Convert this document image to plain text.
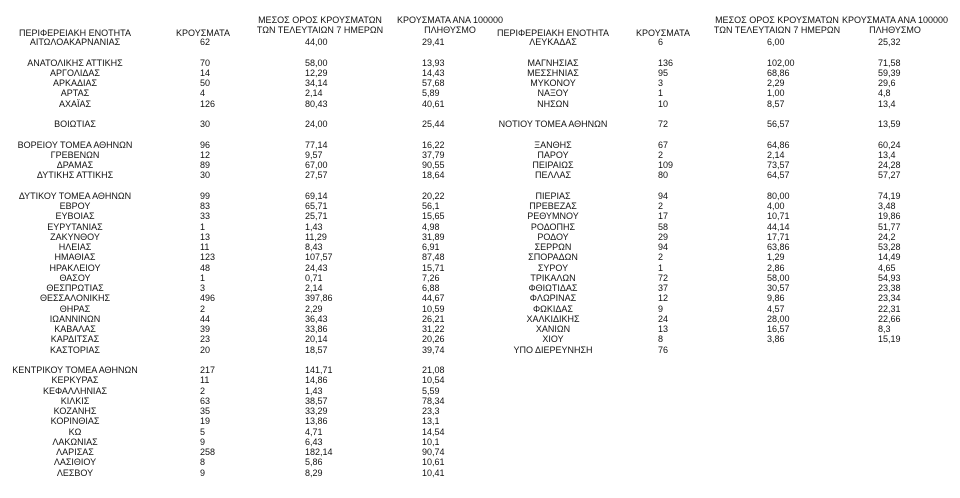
ΠΕΡΙΦΕΡΕΙΑΚΗ ΕΝΟΤΗΤΑ	ΚΡΟΥΣΜΑΤΑ
ΜΕΣΟΣ ΟΡΟΣ ΚΡΟΥΣΜΑΤΩΝ
ΤΩΝ ΤΕΛΕΥΤΑΙΩΝ 7 ΗΜΕΡΩΝ
ΚΡΟΥΣΜΑΤΑ ΑΝΑ 100000
ΠΛΗΘΥΣΜΟ	ΠΕΡΙΦΕΡΕΙΑΚΗ ΕΝΟΤΗΤΑ	ΚΡΟΥΣΜΑΤΑ
ΜΕΣΟΣ ΟΡΟΣ ΚΡΟΥΣΜΑΤΩΝ
ΤΩΝ ΤΕΛΕΥΤΑΙΩΝ 7 ΗΜΕΡΩΝ
ΚΡΟΥΣΜΑΤΑ ΑΝΑ 100000
ΠΛΗΘΥΣΜΟ
ΑΙΤΩΛΟΑΚΑΡΝΑΝΙΑΣ	62	44,00	29,41
ΑΝΑΤΟΛΙΚΗΣ ΑΤΤΙΚΗΣ	70	58,00	13,93
ΑΡΓΟΛΙΔΑΣ	14	12,29	14,43
ΑΡΚΑΔΙΑΣ	50	34,14	57,68
ΑΡΤΑΣ	4	2,14	5,89
ΑΧΑΪΑΣ	126	80,43	40,61
ΒΟΙΩΤΙΑΣ	30	24,00	25,44
ΒΟΡΕΙΟΥ ΤΟΜΕΑ ΑΘΗΝΩΝ	96	77,14	16,22
ΓΡΕΒΕΝΩΝ	12	9,57	37,79
ΔΡΑΜΑΣ	89	67,00	90,55
ΔΥΤΙΚΗΣ ΑΤΤΙΚΗΣ	30	27,57	18,64
ΔΥΤΙΚΟΥ ΤΟΜΕΑ ΑΘΗΝΩΝ	99	69,14	20,22
ΕΒΡΟΥ	83	65,71	56,1
ΕΥΒΟΙΑΣ	33	25,71	15,65
ΕΥΡΥΤΑΝΙΑΣ	1	1,43	4,98
ΖΑΚΥΝΘΟΥ	13	11,29	31,89
ΗΛΕΙΑΣ	11	8,43	6,91
ΗΜΑΘΙΑΣ	123	107,57	87,48
ΗΡΑΚΛΕΙΟΥ	48	24,43	15,71
ΘΑΣΟΥ	1	0,71	7,26
ΘΕΣΠΡΩΤΙΑΣ	3	2,14	6,88
ΘΕΣΣΑΛΟΝΙΚΗΣ	496	397,86	44,67
ΘΗΡΑΣ	2	2,29	10,59
ΙΩΑΝΝΙΝΩΝ	44	36,43	26,21
ΚΑΒΑΛΑΣ	39	33,86	31,22
ΚΑΡΔΙΤΣΑΣ	23	20,14	20,26
ΚΑΣΤΟΡΙΑΣ	20	18,57	39,74
ΚΕΝΤΡΙΚΟΥ ΤΟΜΕΑ ΑΘΗΝΩΝ	217	141,71	21,08
ΚΕΡΚΥΡΑΣ	11	14,86	10,54
ΚΕΦΑΛΛΗΝΙΑΣ	2	1,43	5,59
ΚΙΛΚΙΣ	63	38,57	78,34
ΚΟΖΑΝΗΣ	35	33,29	23,3
ΚΟΡΙΝΘΙΑΣ	19	13,86	13,1
ΚΩ	5	4,71	14,54
ΛΑΚΩΝΙΑΣ	9	6,43	10,1
ΛΑΡΙΣΑΣ	258	182,14	90,74
ΛΑΣΙΘΙΟΥ	8	5,86	10,61
ΛΕΣΒΟΥ	9	8,29	10,41
ΛΕΥΚΑΔΑΣ	6	6,00	25,32
ΜΑΓΝΗΣΙΑΣ	136	102,00	71,58
ΜΕΣΣΗΝΙΑΣ	95	68,86	59,39
ΜΥΚΟΝΟΥ	3	2,29	29,6
ΝΑΞΟΥ	1	1,00	4,8
ΝΗΣΩΝ	10	8,57	13,4
ΝΟΤΙΟΥ ΤΟΜΕΑ ΑΘΗΝΩΝ	72	56,57	13,59
ΞΑΝΘΗΣ	67	64,86	60,24
ΠΑΡΟΥ	2	2,14	13,4
ΠΕΙΡΑΙΩΣ	109	73,57	24,28
ΠΕΛΛΑΣ	80	64,57	57,27
ΠΙΕΡΙΑΣ	94	80,00	74,19
ΠΡΕΒΕΖΑΣ	2	4,00	3,48
ΡΕΘΥΜΝΟΥ	17	10,71	19,86
ΡΟΔΟΠΗΣ	58	44,14	51,77
ΡΟΔΟΥ	29	17,71	24,2
ΣΕΡΡΩΝ	94	63,86	53,28
ΣΠΟΡΑΔΩΝ	2	1,29	14,49
ΣΥΡΟΥ	1	2,86	4,65
ΤΡΙΚΑΛΩΝ	72	58,00	54,93
ΦΘΙΩΤΙΔΑΣ	37	30,57	23,38
ΦΛΩΡΙΝΑΣ	12	9,86	23,34
ΦΩΚΙΔΑΣ	9	4,57	22,31
ΧΑΛΚΙΔΙΚΗΣ	24	28,00	22,66
ΧΑΝΙΩΝ	13	16,57	8,3
ΧΙΟΥ	8	3,86	15,19
ΥΠΟ ΔΙΕΡΕΥΝΗΣΗ	76
